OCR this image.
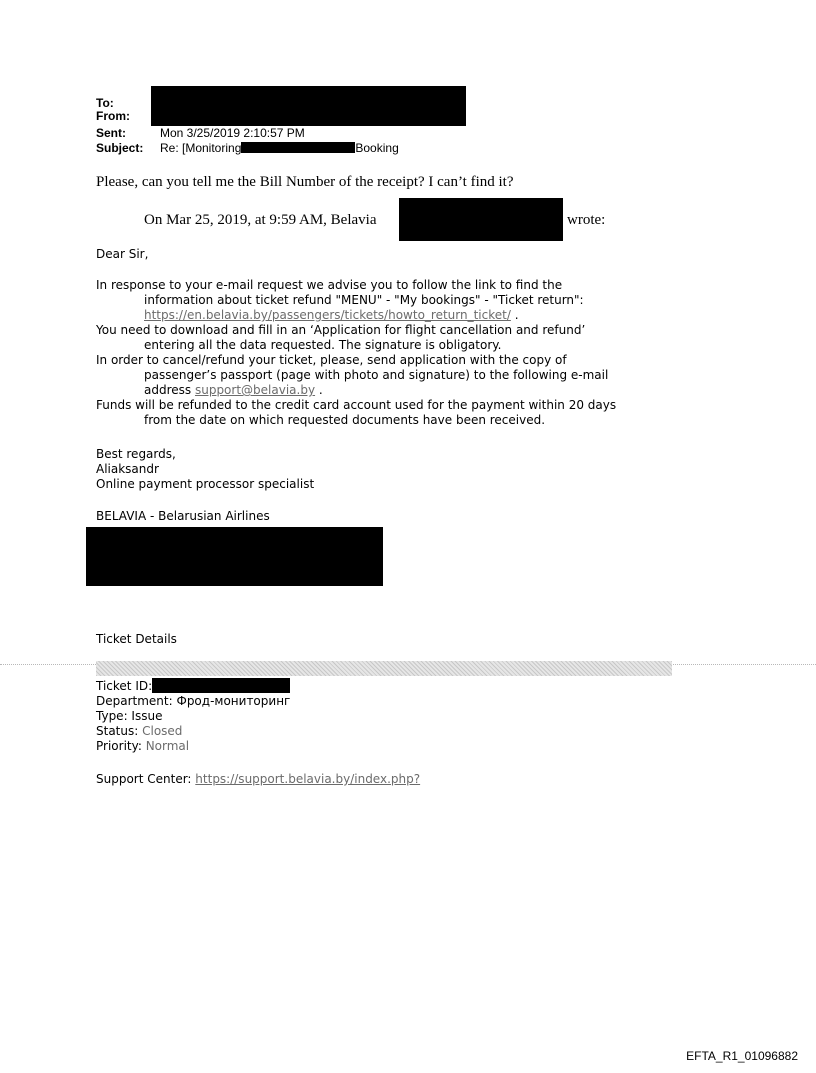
To:
From:
Sent:	Mon 3/25/2019 2:10:57 PM
Subject: Re: [Monitoring	Booking
Please, can you tell me the Bill Number of the receipt? I can’t find it?
On Mar 25, 2019, at 9:59 AM, Belavia	wrote:
Dear Sir,
In response to your e-mail request we advise you to follow the link to find the
information about ticket refund "MENU" - "My bookings" - "Ticket return":
https://en.belavia.by/passengers/tickets/howto_return_ticket/ .
You need to download and fill in an ‘Application for flight cancellation and refund’
entering all the data requested. The signature is obligatory.
In order to cancel/refund your ticket, please, send application with the copy of
passenger’s passport (page with photo and signature) to the following e-mail
address support@belavia.by .
Funds will be refunded to the credit card account used for the payment within 20 days
from the date on which requested documents have been received.
Best regards,
Aliaksandr
Online payment processor specialist
BELAVIA - Belarusian Airlines
Ticket Details
Ticket ID:
Department: Фрод-мониторинг
Type: Issue
Status: Closed
Priority: Normal
Support Center: https://support.belavia.by/index.php?
EFTA_R1_01096882
